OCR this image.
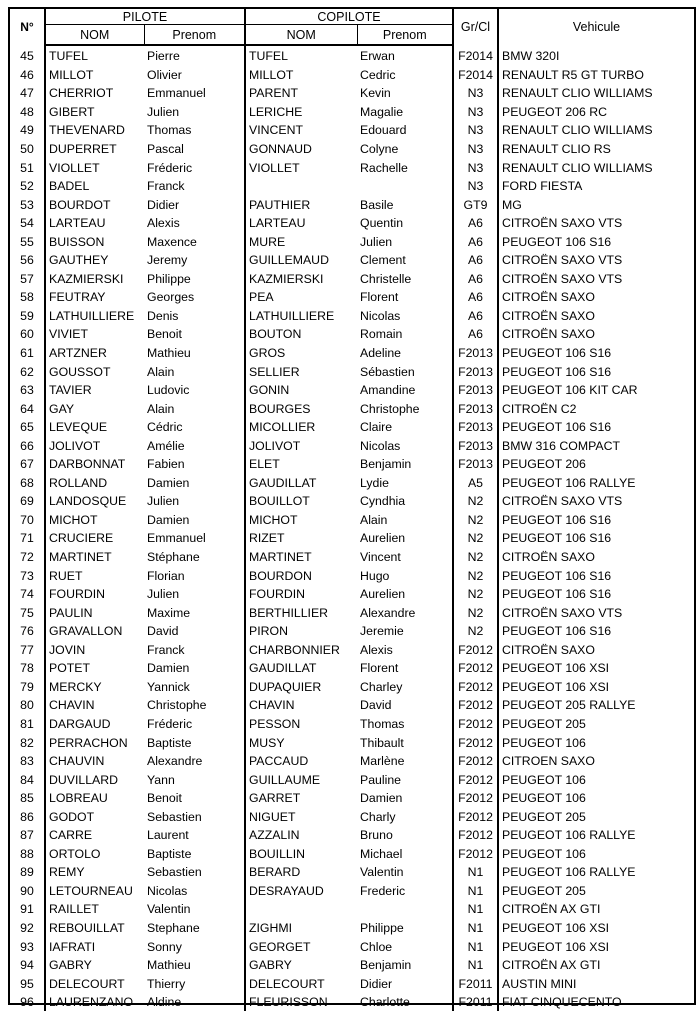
N°	PILOTE		COPILOTE		Gr/Cl	Vehicule
	NOM	Prenom	NOM	Prenom		
45	TUFEL	Pierre	TUFEL	Erwan	F2014	BMW 320I
46	MILLOT	Olivier	MILLOT	Cedric	F2014	RENAULT R5 GT TURBO
47	CHERRIOT	Emmanuel	PARENT	Kevin	N3	RENAULT CLIO WILLIAMS
48	GIBERT	Julien	LERICHE	Magalie	N3	PEUGEOT 206 RC
49	THEVENARD	Thomas	VINCENT	Edouard	N3	RENAULT CLIO WILLIAMS
50	DUPERRET	Pascal	GONNAUD	Colyne	N3	RENAULT CLIO RS
51	VIOLLET	Fréderic	VIOLLET	Rachelle	N3	RENAULT CLIO WILLIAMS
52	BADEL	Franck			N3	FORD FIESTA
53	BOURDOT	Didier	PAUTHIER	Basile	GT9	MG
54	LARTEAU	Alexis	LARTEAU	Quentin	A6	CITROËN SAXO VTS
55	BUISSON	Maxence	MURE	Julien	A6	PEUGEOT 106 S16
56	GAUTHEY	Jeremy	GUILLEMAUD	Clement	A6	CITROËN SAXO VTS
57	KAZMIERSKI	Philippe	KAZMIERSKI	Christelle	A6	CITROËN SAXO VTS
58	FEUTRAY	Georges	PEA	Florent	A6	CITROËN SAXO
59	LATHUILLIERE	Denis	LATHUILLIERE	Nicolas	A6	CITROËN SAXO
60	VIVIET	Benoit	BOUTON	Romain	A6	CITROËN SAXO
61	ARTZNER	Mathieu	GROS	Adeline	F2013	PEUGEOT 106 S16
62	GOUSSOT	Alain	SELLIER	Sébastien	F2013	PEUGEOT 106 S16
63	TAVIER	Ludovic	GONIN	Amandine	F2013	PEUGEOT 106 KIT CAR
64	GAY	Alain	BOURGES	Christophe	F2013	CITROËN C2
65	LEVEQUE	Cédric	MICOLLIER	Claire	F2013	PEUGEOT 106 S16
66	JOLIVOT	Amélie	JOLIVOT	Nicolas	F2013	BMW 316 COMPACT
67	DARBONNAT	Fabien	ELET	Benjamin	F2013	PEUGEOT 206
68	ROLLAND	Damien	GAUDILLAT	Lydie	A5	PEUGEOT 106 RALLYE
69	LANDOSQUE	Julien	BOUILLOT	Cyndhia	N2	CITROËN SAXO VTS
70	MICHOT	Damien	MICHOT	Alain	N2	PEUGEOT 106 S16
71	CRUCIERE	Emmanuel	RIZET	Aurelien	N2	PEUGEOT 106 S16
72	MARTINET	Stéphane	MARTINET	Vincent	N2	CITROËN SAXO
73	RUET	Florian	BOURDON	Hugo	N2	PEUGEOT 106 S16
74	FOURDIN	Julien	FOURDIN	Aurelien	N2	PEUGEOT 106 S16
75	PAULIN	Maxime	BERTHILLIER	Alexandre	N2	CITROËN SAXO VTS
76	GRAVALLON	David	PIRON	Jeremie	N2	PEUGEOT 106 S16
77	JOVIN	Franck	CHARBONNIER	Alexis	F2012	CITROËN SAXO
78	POTET	Damien	GAUDILLAT	Florent	F2012	PEUGEOT 106 XSI
79	MERCKY	Yannick	DUPAQUIER	Charley	F2012	PEUGEOT 106 XSI
80	CHAVIN	Christophe	CHAVIN	David	F2012	PEUGEOT 205 RALLYE
81	DARGAUD	Fréderic	PESSON	Thomas	F2012	PEUGEOT 205
82	PERRACHON	Baptiste	MUSY	Thibault	F2012	PEUGEOT 106
83	CHAUVIN	Alexandre	PACCAUD	Marlène	F2012	CITROEN SAXO
84	DUVILLARD	Yann	GUILLAUME	Pauline	F2012	PEUGEOT 106
85	LOBREAU	Benoit	GARRET	Damien	F2012	PEUGEOT 106
86	GODOT	Sebastien	NIGUET	Charly	F2012	PEUGEOT 205
87	CARRE	Laurent	AZZALIN	Bruno	F2012	PEUGEOT 106 RALLYE
88	ORTOLO	Baptiste	BOUILLIN	Michael	F2012	PEUGEOT 106
89	REMY	Sebastien	BERARD	Valentin	N1	PEUGEOT 106 RALLYE
90	LETOURNEAU	Nicolas	DESRAYAUD	Frederic	N1	PEUGEOT 205
91	RAILLET	Valentin			N1	CITROËN AX GTI
92	REBOUILLAT	Stephane	ZIGHMI	Philippe	N1	PEUGEOT 106 XSI
93	IAFRATI	Sonny	GEORGET	Chloe	N1	PEUGEOT 106 XSI
94	GABRY	Mathieu	GABRY	Benjamin	N1	CITROËN AX GTI
95	DELECOURT	Thierry	DELECOURT	Didier	F2011	AUSTIN MINI
96	LAURENZANO	Aldine	FLEURISSON	Charlotte	F2011	FIAT CINQUECENTO
